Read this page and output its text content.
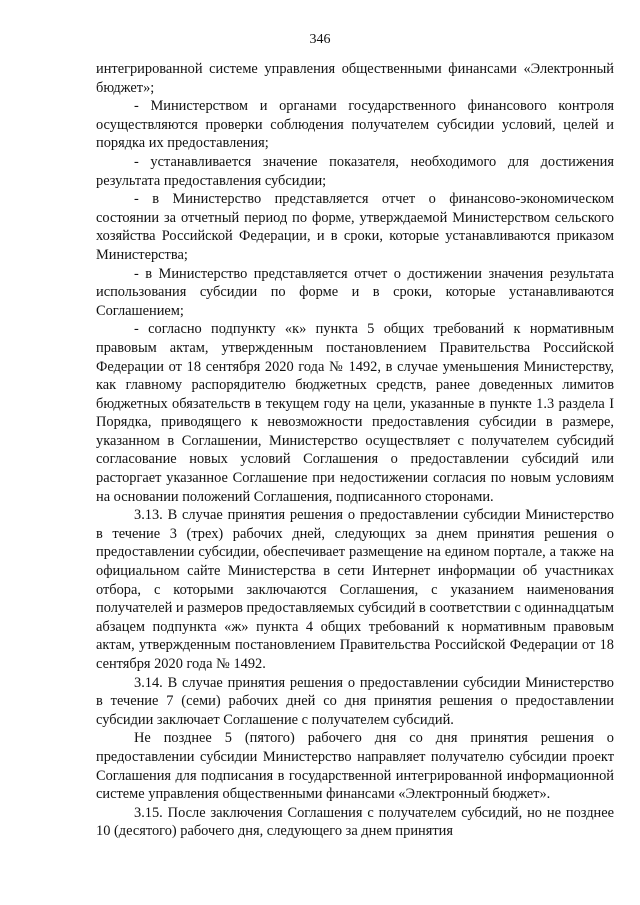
346

интегрированной системе управления общественными финансами «Электронный бюджет»;

- Министерством и органами государственного финансового контроля осуществляются проверки соблюдения получателем субсидии условий, целей и порядка их предоставления;

- устанавливается значение показателя, необходимого для достижения результата предоставления субсидии;

- в Министерство представляется отчет о финансово-экономическом состоянии за отчетный период по форме, утверждаемой Министерством сельского хозяйства Российской Федерации, и в сроки, которые устанавливаются приказом Министерства;

- в Министерство представляется отчет о достижении значения результата использования субсидии по форме и в сроки, которые устанавливаются Соглашением;

- согласно подпункту «к» пункта 5 общих требований к нормативным правовым актам, утвержденным постановлением Правительства Российской Федерации от 18 сентября 2020 года № 1492, в случае уменьшения Министерству, как главному распорядителю бюджетных средств, ранее доведенных лимитов бюджетных обязательств в текущем году на цели, указанные в пункте 1.3 раздела I Порядка, приводящего к невозможности предоставления субсидии в размере, указанном в Соглашении, Министерство осуществляет с получателем субсидий согласование новых условий Соглашения о предоставлении субсидий или расторгает указанное Соглашение при недостижении согласия по новым условиям на основании положений Соглашения, подписанного сторонами.

3.13. В случае принятия решения о предоставлении субсидии Министерство в течение 3 (трех) рабочих дней, следующих за днем принятия решения о предоставлении субсидии, обеспечивает размещение на едином портале, а также на официальном сайте Министерства в сети Интернет информации об участниках отбора, с которыми заключаются Соглашения, с указанием наименования получателей и размеров предоставляемых субсидий в соответствии с одиннадцатым абзацем подпункта «ж» пункта 4 общих требований к нормативным правовым актам, утвержденным постановлением Правительства Российской Федерации от 18 сентября 2020 года № 1492.

3.14. В случае принятия решения о предоставлении субсидии Министерство в течение 7 (семи) рабочих дней со дня принятия решения о предоставлении субсидии заключает Соглашение с получателем субсидий.

Не позднее 5 (пятого) рабочего дня со дня принятия решения о предоставлении субсидии Министерство направляет получателю субсидии проект Соглашения для подписания в государственной интегрированной информационной системе управления общественными финансами «Электронный бюджет».

3.15. После заключения Соглашения с получателем субсидий, но не позднее 10 (десятого) рабочего дня, следующего за днем принятия
